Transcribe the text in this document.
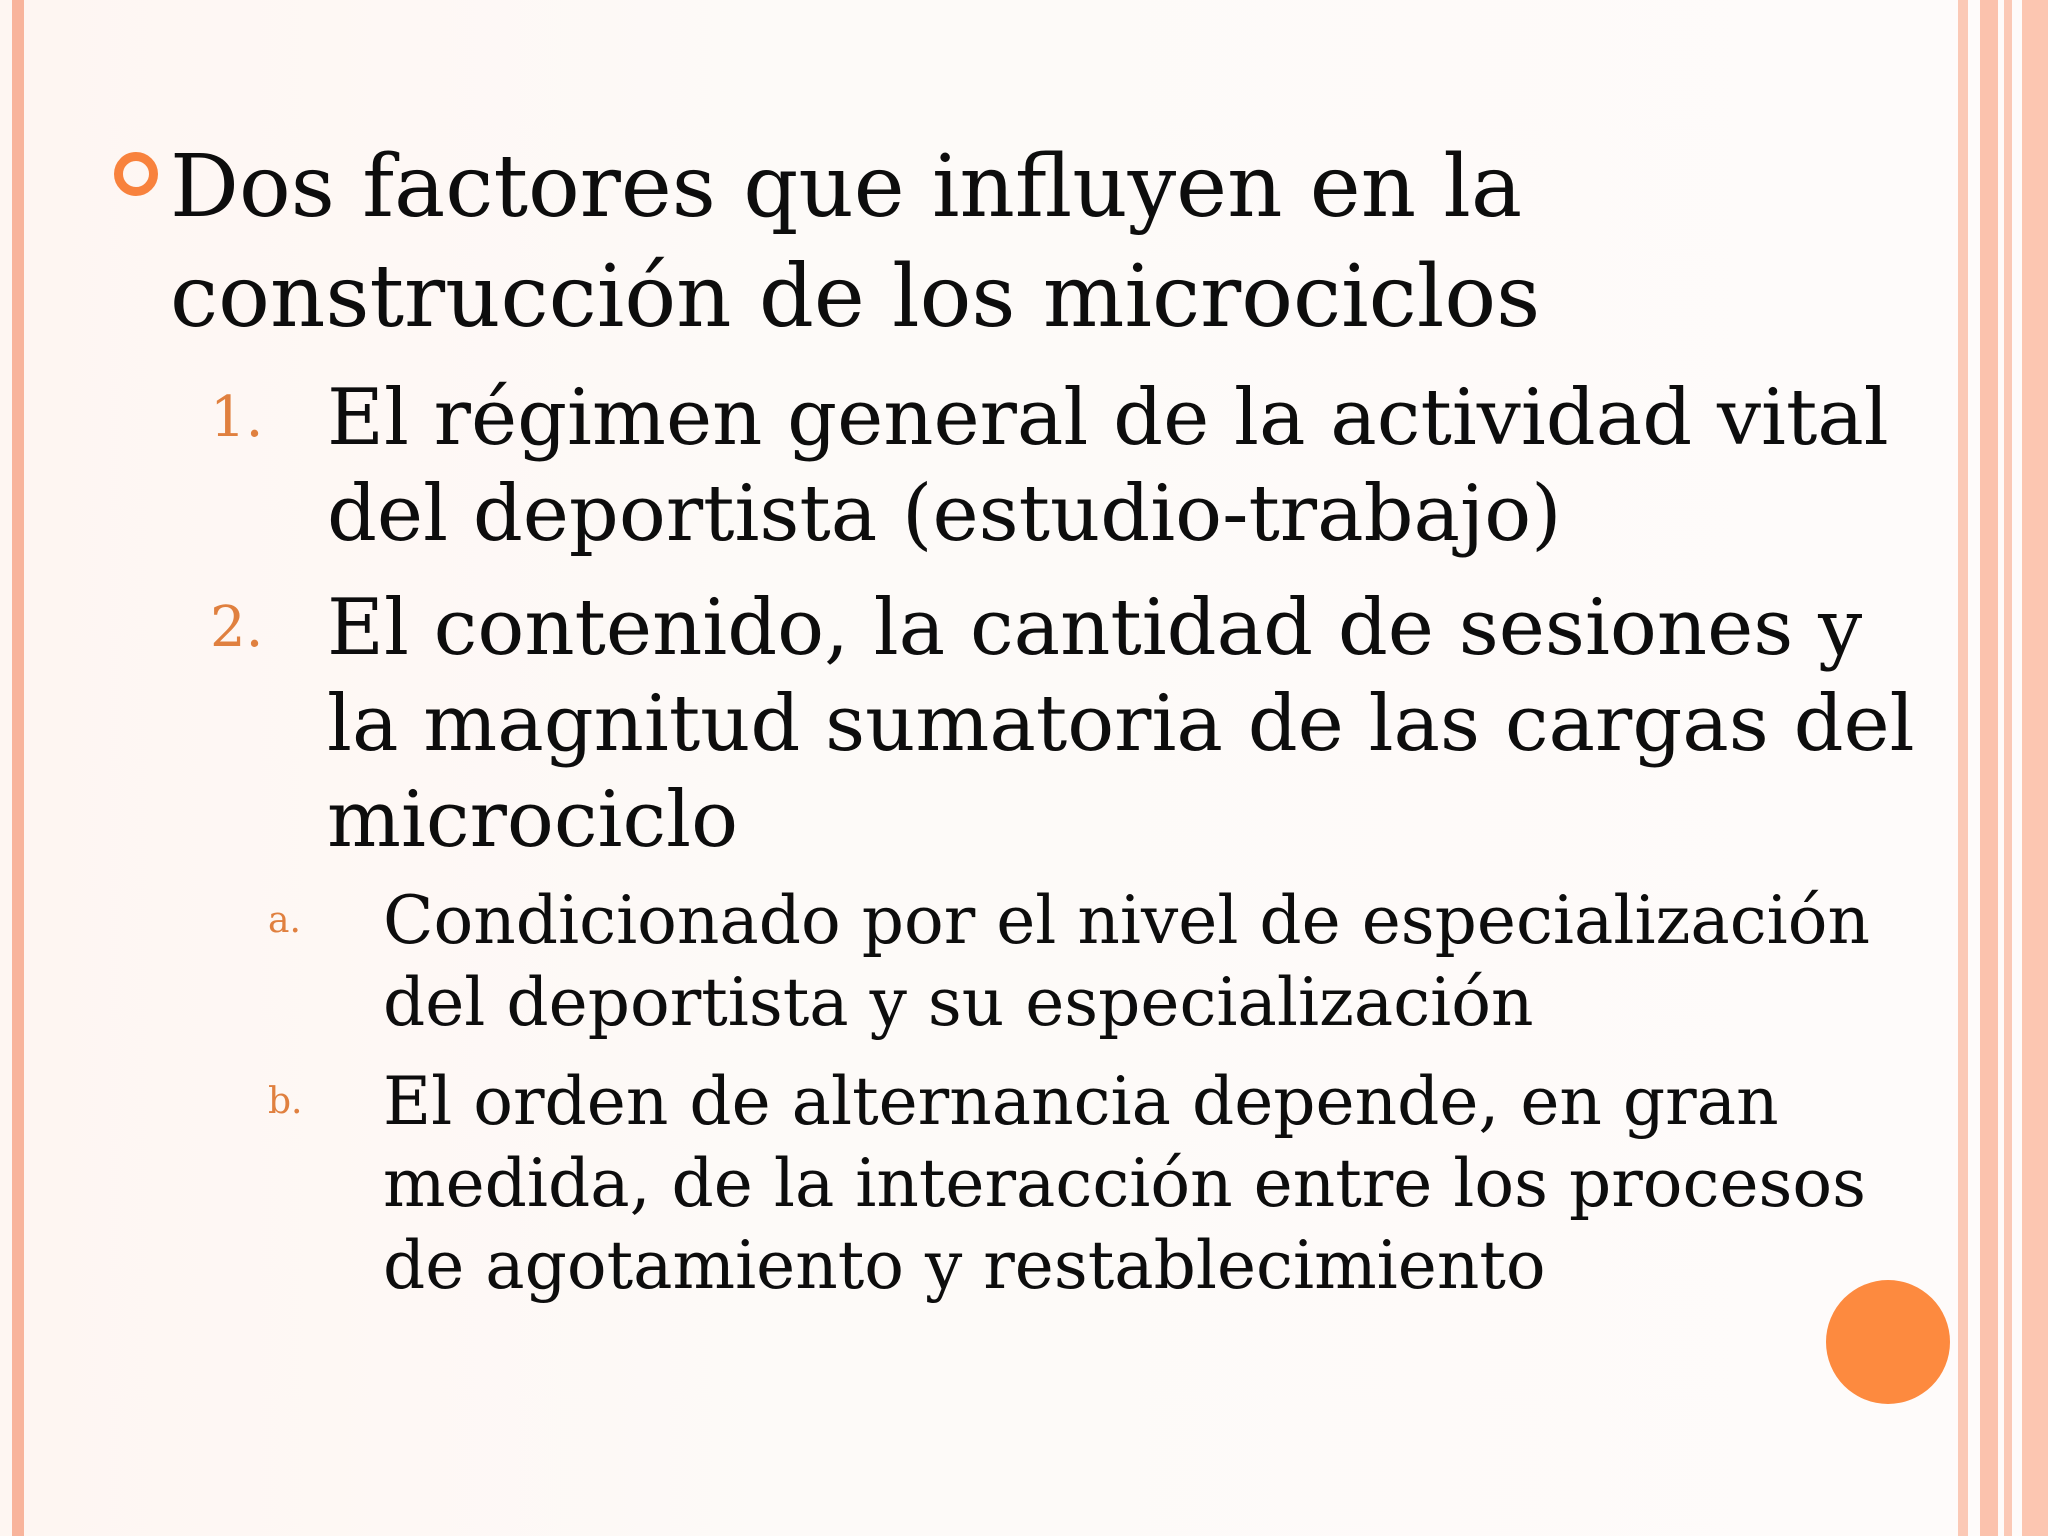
Dos factores que influyen en la construcción de los microciclos
1. El régimen general de la actividad vital del deportista (estudio-trabajo)
2. El contenido, la cantidad de sesiones y la magnitud sumatoria de las cargas del microciclo
a. Condicionado por el nivel de especialización del deportista y su especialización
b. El orden de alternancia depende, en gran medida, de la interacción entre los procesos de agotamiento y restablecimiento
